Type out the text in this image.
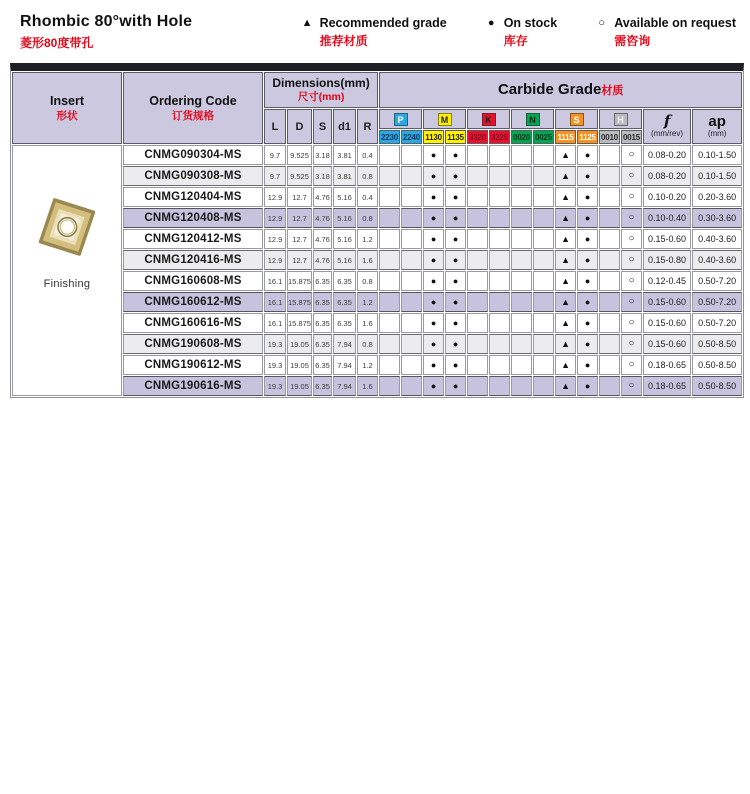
Rhombic 80°with Hole
菱形80度带孔
▲ Recommended grade
推荐材质
● On stock
库存
○ Available on request
需咨询
Insert
形状

Ordering Code
订货规格

Dimensions(mm)
尺寸(mm)	Carbide Grade材质
L	D	S	d1	R	P	M	K	N	S	H	f
(mm/rev)

ap
(mm)

							2230	2240	1130	1135	3320	3325	0020	0025	1115	1125	0010	0015		

Finishing	CNMG090304-MS	9.7	9.525	3.18	3.81	0.4			●	●					▲	●		○	0.08-0.20	0.10-1.50
	CNMG090308-MS	9.7	9.525	3.18	3.81	0.8			●	●					▲	●		○	0.08-0.20	0.10-1.50
	CNMG120404-MS	12.9	12.7	4.76	5.16	0.4			●	●					▲	●		○	0.10-0.20	0.20-3.60
	CNMG120408-MS	12.9	12.7	4.76	5.16	0.8			●	●					▲	●		○	0.10-0.40	0.30-3.60
	CNMG120412-MS	12.9	12.7	4.76	5.16	1.2			●	●					▲	●		○	0.15-0.60	0.40-3.60
	CNMG120416-MS	12.9	12.7	4.76	5.16	1.6			●	●					▲	●		○	0.15-0.80	0.40-3.60
	CNMG160608-MS	16.1	15.875	6.35	6.35	0.8			●	●					▲	●		○	0.12-0.45	0.50-7.20
	CNMG160612-MS	16.1	15.875	6.35	6.35	1.2			●	●					▲	●		○	0.15-0.60	0.50-7.20
	CNMG160616-MS	16.1	15.875	6.35	6.35	1.6			●	●					▲	●		○	0.15-0.60	0.50-7.20
	CNMG190608-MS	19.3	19.05	6.35	7.94	0.8			●	●					▲	●		○	0.15-0.60	0.50-8.50
	CNMG190612-MS	19.3	19.05	6.35	7.94	1.2			●	●					▲	●		○	0.18-0.65	0.50-8.50
	CNMG190616-MS	19.3	19.05	6.35	7.94	1.6			●	●					▲	●		○	0.18-0.65	0.50-8.50
